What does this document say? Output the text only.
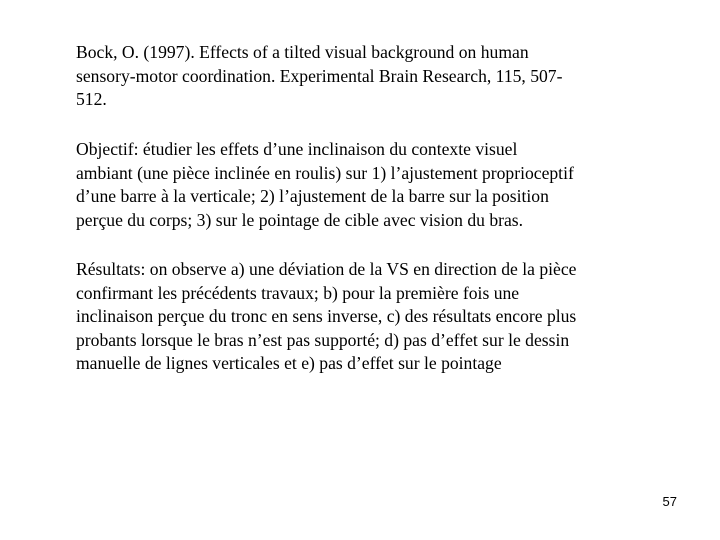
Bock, O. (1997). Effects of a tilted visual background on human
sensory-motor coordination. Experimental Brain Research, 115, 507-
512.

Objectif: étudier les effets d’une inclinaison du contexte visuel
ambiant (une pièce inclinée en roulis) sur 1) l’ajustement proprioceptif
d’une barre à la verticale; 2) l’ajustement de la barre sur la position
perçue du corps; 3) sur le pointage de cible avec vision du bras.

Résultats: on observe a) une déviation de la VS en direction de la pièce
confirmant les précédents travaux; b) pour la première fois une
inclinaison perçue du tronc en sens inverse, c) des résultats encore plus
probants lorsque le bras n’est pas supporté; d) pas d’effet sur le dessin
manuelle de lignes verticales et e) pas d’effet sur le pointage

57
